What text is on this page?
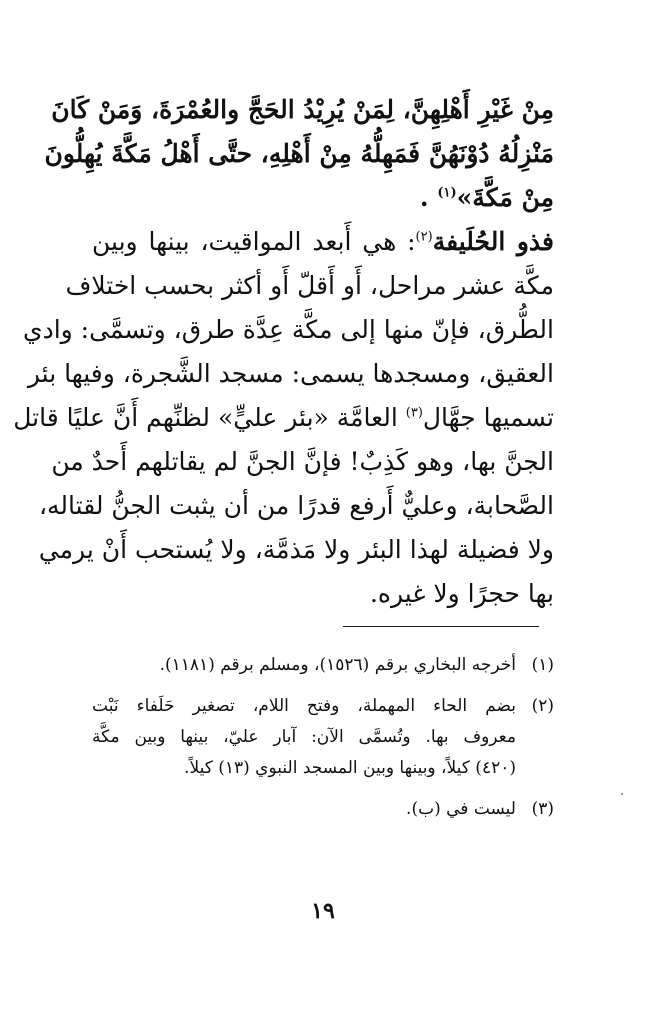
مِنْ غَيْرِ أَهْلِهِنَّ، لِمَنْ يُرِيْدُ الحَجَّ والعُمْرَةَ، وَمَنْ كَانَ
مَنْزِلُهُ دُوْنَهُنَّ فَمَهِلُّهُ مِنْ أَهْلِهِ، حتَّى أَهْلُ مَكَّةَ يُهِلُّونَ
مِنْ مَكَّةَ»$^{(١)}$ .
فذو الحُلَيفة$^{(٢)}$: هي أَبعد المواقيت، بينها وبين
مكَّة عشر مراحل، أَو أَقلّ أَو أكثر بحسب اختلاف
الطُّرق، فإنّ منها إلى مكَّة عِدَّة طرق، وتسمَّى: وادي
العقيق، ومسجدها يسمى: مسجد الشَّجرة، وفيها بئر
تسميها جهَّال$^{(٣)}$ العامَّة «بئر عليٍّ» لظنِّهم أَنَّ عليًا قاتل
الجنَّ بها، وهو كَذِبٌ! فإنَّ الجنَّ لم يقاتلهم أَحدٌ من
الصَّحابة، وعليٌّ أَرفع قدرًا من أن يثبت الجنُّ لقتاله،
ولا فضيلة لهذا البئر ولا مَذمَّة، ولا يُستحب أَنْ يرمي
بها حجرًا ولا غيره.
(١)
أخرجه البخاري برقم (١٥٢٦)، ومسلم برقم (١١٨١).
(٢)
بضم الحاء المهملة، وفتح اللام، تصغير حَلَفاء نَبْت
معروف بها. وتُسمَّى الآن: آبار عليّ، بينها وبين مكَّة
(٤٢٠) كيلاً، وبينها وبين المسجد النبوي (١٣) كيلاً.
(٣)
ليست في (ب).
١٩
